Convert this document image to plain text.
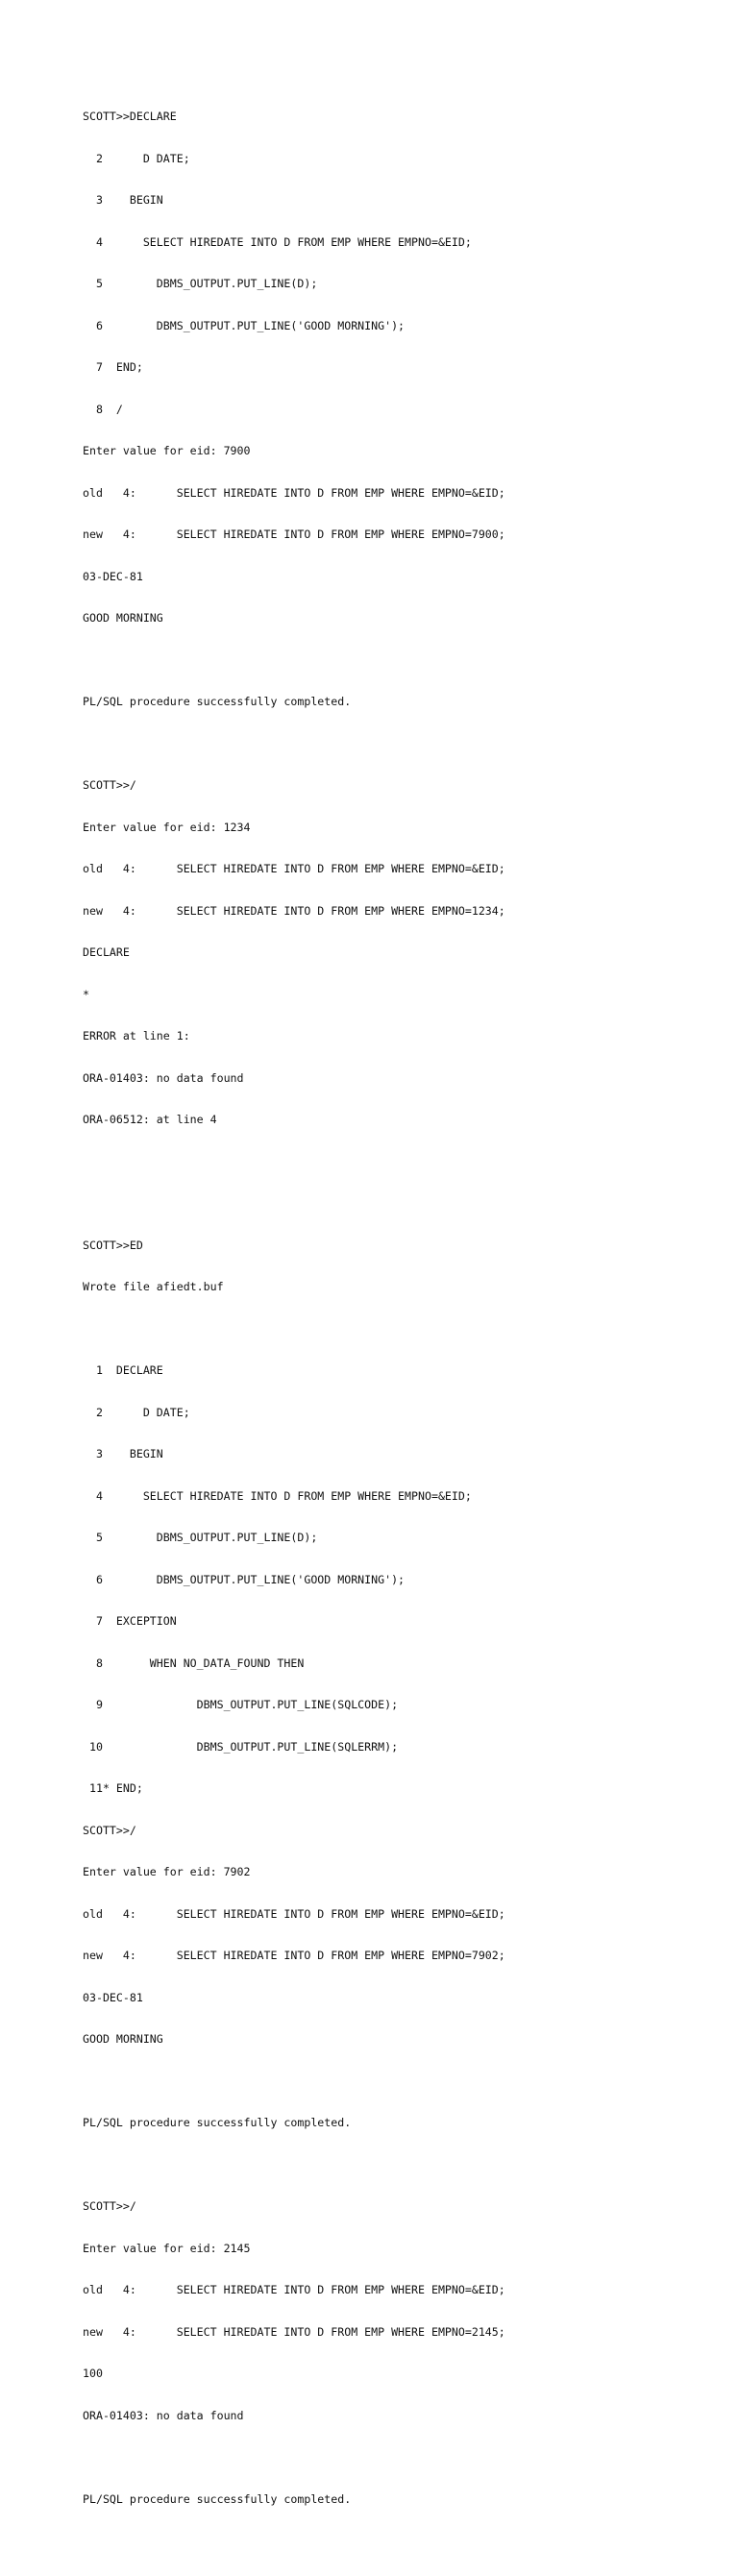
SCOTT>>DECLARE

2      D DATE;

3    BEGIN

4      SELECT HIREDATE INTO D FROM EMP WHERE EMPNO=&EID;

5        DBMS_OUTPUT.PUT_LINE(D);

6        DBMS_OUTPUT.PUT_LINE('GOOD MORNING');

7  END;

8  /

Enter value for eid: 7900

old   4:      SELECT HIREDATE INTO D FROM EMP WHERE EMPNO=&EID;

new   4:      SELECT HIREDATE INTO D FROM EMP WHERE EMPNO=7900;

03-DEC-81

GOOD MORNING

PL/SQL procedure successfully completed.

SCOTT>>/

Enter value for eid: 1234

old   4:      SELECT HIREDATE INTO D FROM EMP WHERE EMPNO=&EID;

new   4:      SELECT HIREDATE INTO D FROM EMP WHERE EMPNO=1234;

DECLARE

*

ERROR at line 1:

ORA-01403: no data found

ORA-06512: at line 4

SCOTT>>ED

Wrote file afiedt.buf

1  DECLARE

2      D DATE;

3    BEGIN

4      SELECT HIREDATE INTO D FROM EMP WHERE EMPNO=&EID;

5        DBMS_OUTPUT.PUT_LINE(D);

6        DBMS_OUTPUT.PUT_LINE('GOOD MORNING');

7  EXCEPTION

8       WHEN NO_DATA_FOUND THEN

9              DBMS_OUTPUT.PUT_LINE(SQLCODE);

10              DBMS_OUTPUT.PUT_LINE(SQLERRM);

11* END;

SCOTT>>/

Enter value for eid: 7902

old   4:      SELECT HIREDATE INTO D FROM EMP WHERE EMPNO=&EID;

new   4:      SELECT HIREDATE INTO D FROM EMP WHERE EMPNO=7902;

03-DEC-81

GOOD MORNING

PL/SQL procedure successfully completed.

SCOTT>>/

Enter value for eid: 2145

old   4:      SELECT HIREDATE INTO D FROM EMP WHERE EMPNO=&EID;

new   4:      SELECT HIREDATE INTO D FROM EMP WHERE EMPNO=2145;

100

ORA-01403: no data found

PL/SQL procedure successfully completed.
